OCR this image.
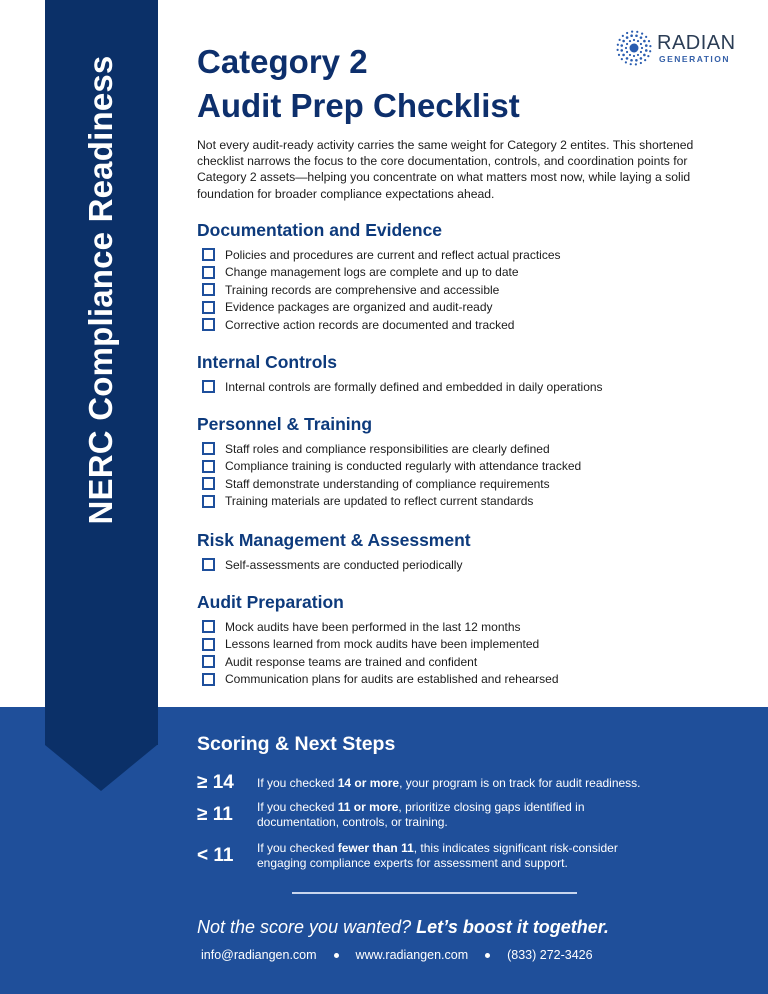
NERC Compliance Readiness
RADIAN
GENERATION
Category 2
Audit Prep Checklist

Not every audit-ready activity carries the same weight for Category 2 entites. This shortened checklist narrows the focus to the core documentation, controls, and coordination points for Category 2 assets—helping you concentrate on what matters most now, while laying a solid foundation for broader compliance expectations ahead.

Documentation and Evidence
Policies and procedures are current and reflect actual practices
Change management logs are complete and up to date
Training records are comprehensive and accessible
Evidence packages are organized and audit-ready
Corrective action records are documented and tracked
Internal Controls
Internal controls are formally defined and embedded in daily operations
Personnel & Training
Staff roles and compliance responsibilities are clearly defined
Compliance training is conducted regularly with attendance tracked
Staff demonstrate understanding of compliance requirements
Training materials are updated to reflect current standards
Risk Management & Assessment
Self-assessments are conducted periodically
Audit Preparation
Mock audits have been performed in the last 12 months
Lessons learned from mock audits have been implemented
Audit response teams are trained and confident
Communication plans for audits are established and rehearsed
Scoring & Next Steps
≥ 14	If you checked 14 or more, your program is on track for audit readiness.
≥ 11	If you checked 11 or more, prioritize closing gaps identified in documentation, controls, or training.
< 11	If you checked fewer than 11, this indicates significant risk-consider engaging compliance experts for assessment and support.
Not the score you wanted? Let’s boost it together.
info@radiangen.com	www.radiangen.com	(833) 272-3426
